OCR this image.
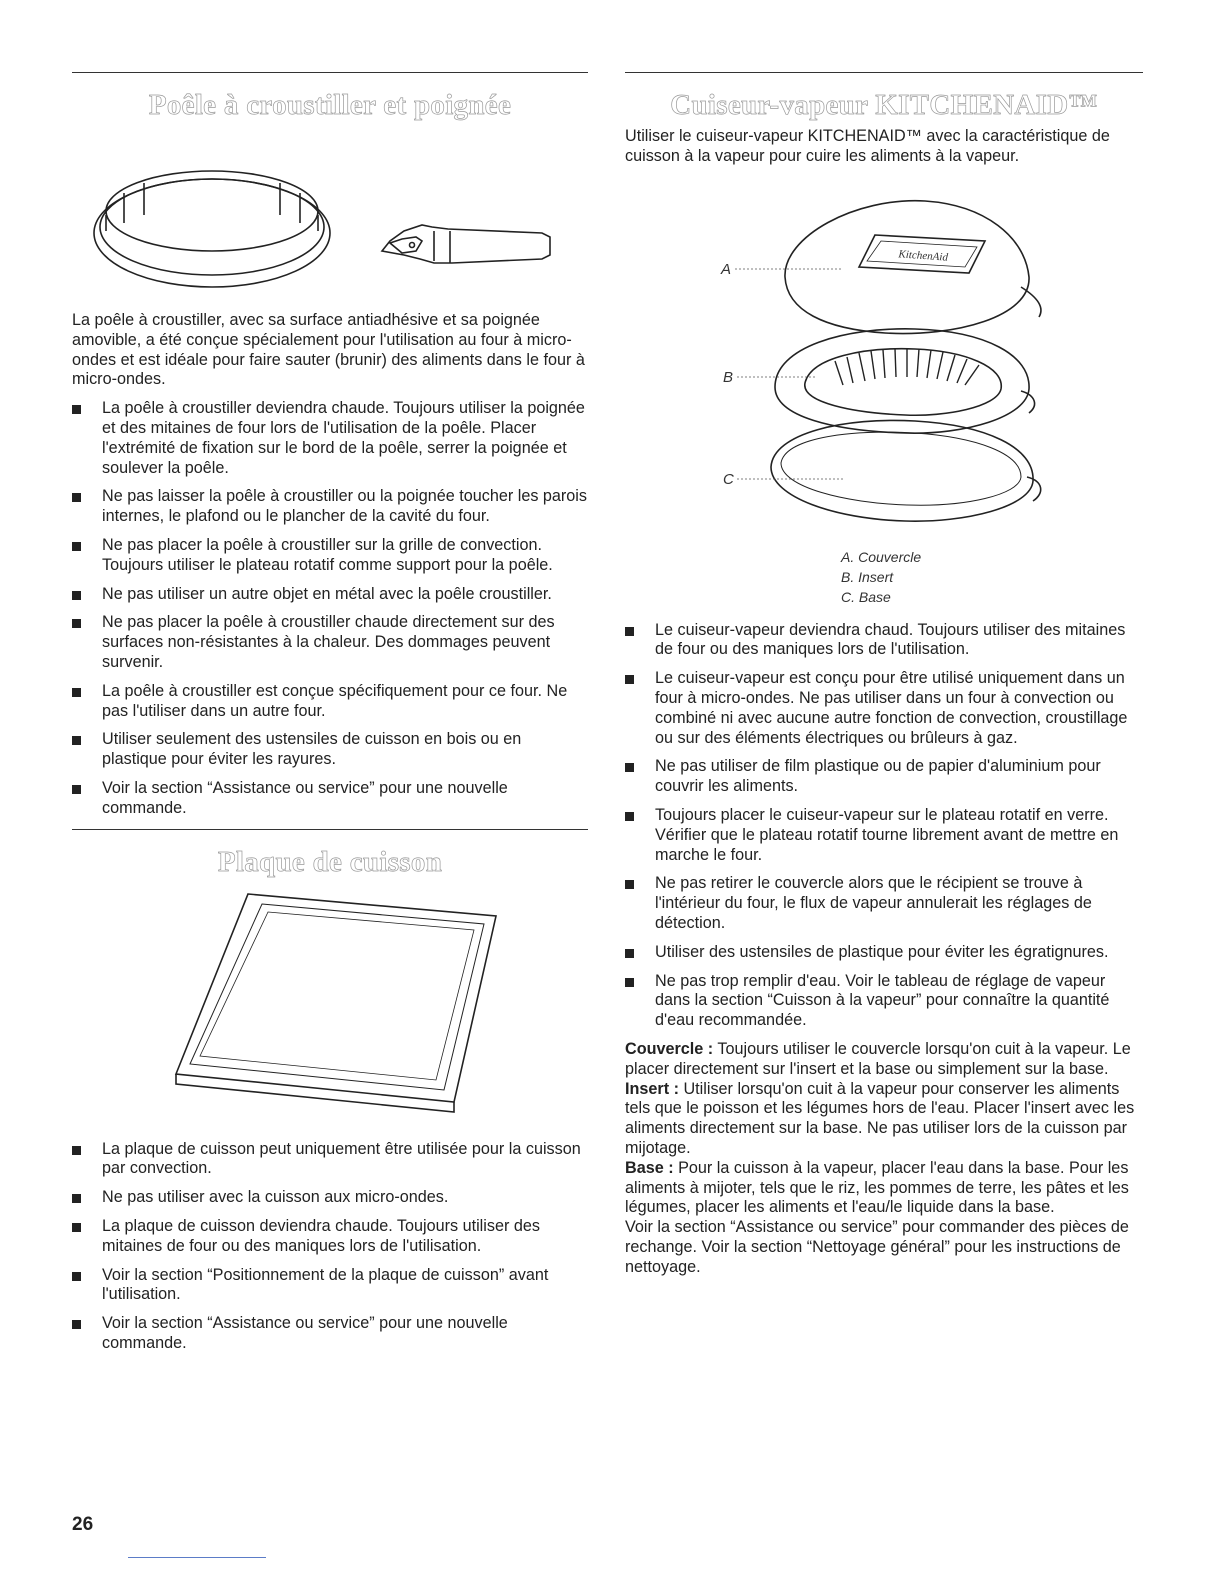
Poêle à croustiller et poignée

La poêle à croustiller, avec sa surface antiadhésive et sa poignée amovible, a été conçue spécialement pour l'utilisation au four à micro-ondes et est idéale pour faire sauter (brunir) des aliments dans le four à micro-ondes.

La poêle à croustiller deviendra chaude. Toujours utiliser la poignée et des mitaines de four lors de l'utilisation de la poêle. Placer l'extrémité de fixation sur le bord de la poêle, serrer la poignée et soulever la poêle.
Ne pas laisser la poêle à croustiller ou la poignée toucher les parois internes, le plafond ou le plancher de la cavité du four.
Ne pas placer la poêle à croustiller sur la grille de convection. Toujours utiliser le plateau rotatif comme support pour la poêle.
Ne pas utiliser un autre objet en métal avec la poêle croustiller.
Ne pas placer la poêle à croustiller chaude directement sur des surfaces non-résistantes à la chaleur. Des dommages peuvent survenir.
La poêle à croustiller est conçue spécifiquement pour ce four. Ne pas l'utiliser dans un autre four.
Utiliser seulement des ustensiles de cuisson en bois ou en plastique pour éviter les rayures.
Voir la section “Assistance ou service” pour une nouvelle commande.
Plaque de cuisson
La plaque de cuisson peut uniquement être utilisée pour la cuisson par convection.
Ne pas utiliser avec la cuisson aux micro-ondes.
La plaque de cuisson deviendra chaude. Toujours utiliser des mitaines de four ou des maniques lors de l'utilisation.
Voir la section “Positionnement de la plaque de cuisson” avant l'utilisation.
Voir la section “Assistance ou service” pour une nouvelle commande.
Cuiseur-vapeur KITCHENAID™

Utiliser le cuiseur-vapeur KITCHENAID™ avec la caractéristique de cuisson à la vapeur pour cuire les aliments à la vapeur.

A
B
C
KitchenAid
A. Couvercle
B. Insert
C. Base
Le cuiseur-vapeur deviendra chaud. Toujours utiliser des mitaines de four ou des maniques lors de l'utilisation.
Le cuiseur-vapeur est conçu pour être utilisé uniquement dans un four à micro-ondes. Ne pas utiliser dans un four à convection ou combiné ni avec aucune autre fonction de convection, croustillage ou sur des éléments électriques ou brûleurs à gaz.
Ne pas utiliser de film plastique ou de papier d'aluminium pour couvrir les aliments.
Toujours placer le cuiseur-vapeur sur le plateau rotatif en verre. Vérifier que le plateau rotatif tourne librement avant de mettre en marche le four.
Ne pas retirer le couvercle alors que le récipient se trouve à l'intérieur du four, le flux de vapeur annulerait les réglages de détection.
Utiliser des ustensiles de plastique pour éviter les égratignures.
Ne pas trop remplir d'eau. Voir le tableau de réglage de vapeur dans la section “Cuisson à la vapeur” pour connaître la quantité d'eau recommandée.

Couvercle : Toujours utiliser le couvercle lorsqu'on cuit à la vapeur. Le placer directement sur l'insert et la base ou simplement sur la base.

Insert : Utiliser lorsqu'on cuit à la vapeur pour conserver les aliments tels que le poisson et les légumes hors de l'eau. Placer l'insert avec les aliments directement sur la base. Ne pas utiliser lors de la cuisson par mijotage.

Base : Pour la cuisson à la vapeur, placer l'eau dans la base. Pour les aliments à mijoter, tels que le riz, les pommes de terre, les pâtes et les légumes, placer les aliments et l'eau/le liquide dans la base.

Voir la section “Assistance ou service” pour commander des pièces de rechange. Voir la section “Nettoyage général” pour les instructions de nettoyage.

26
